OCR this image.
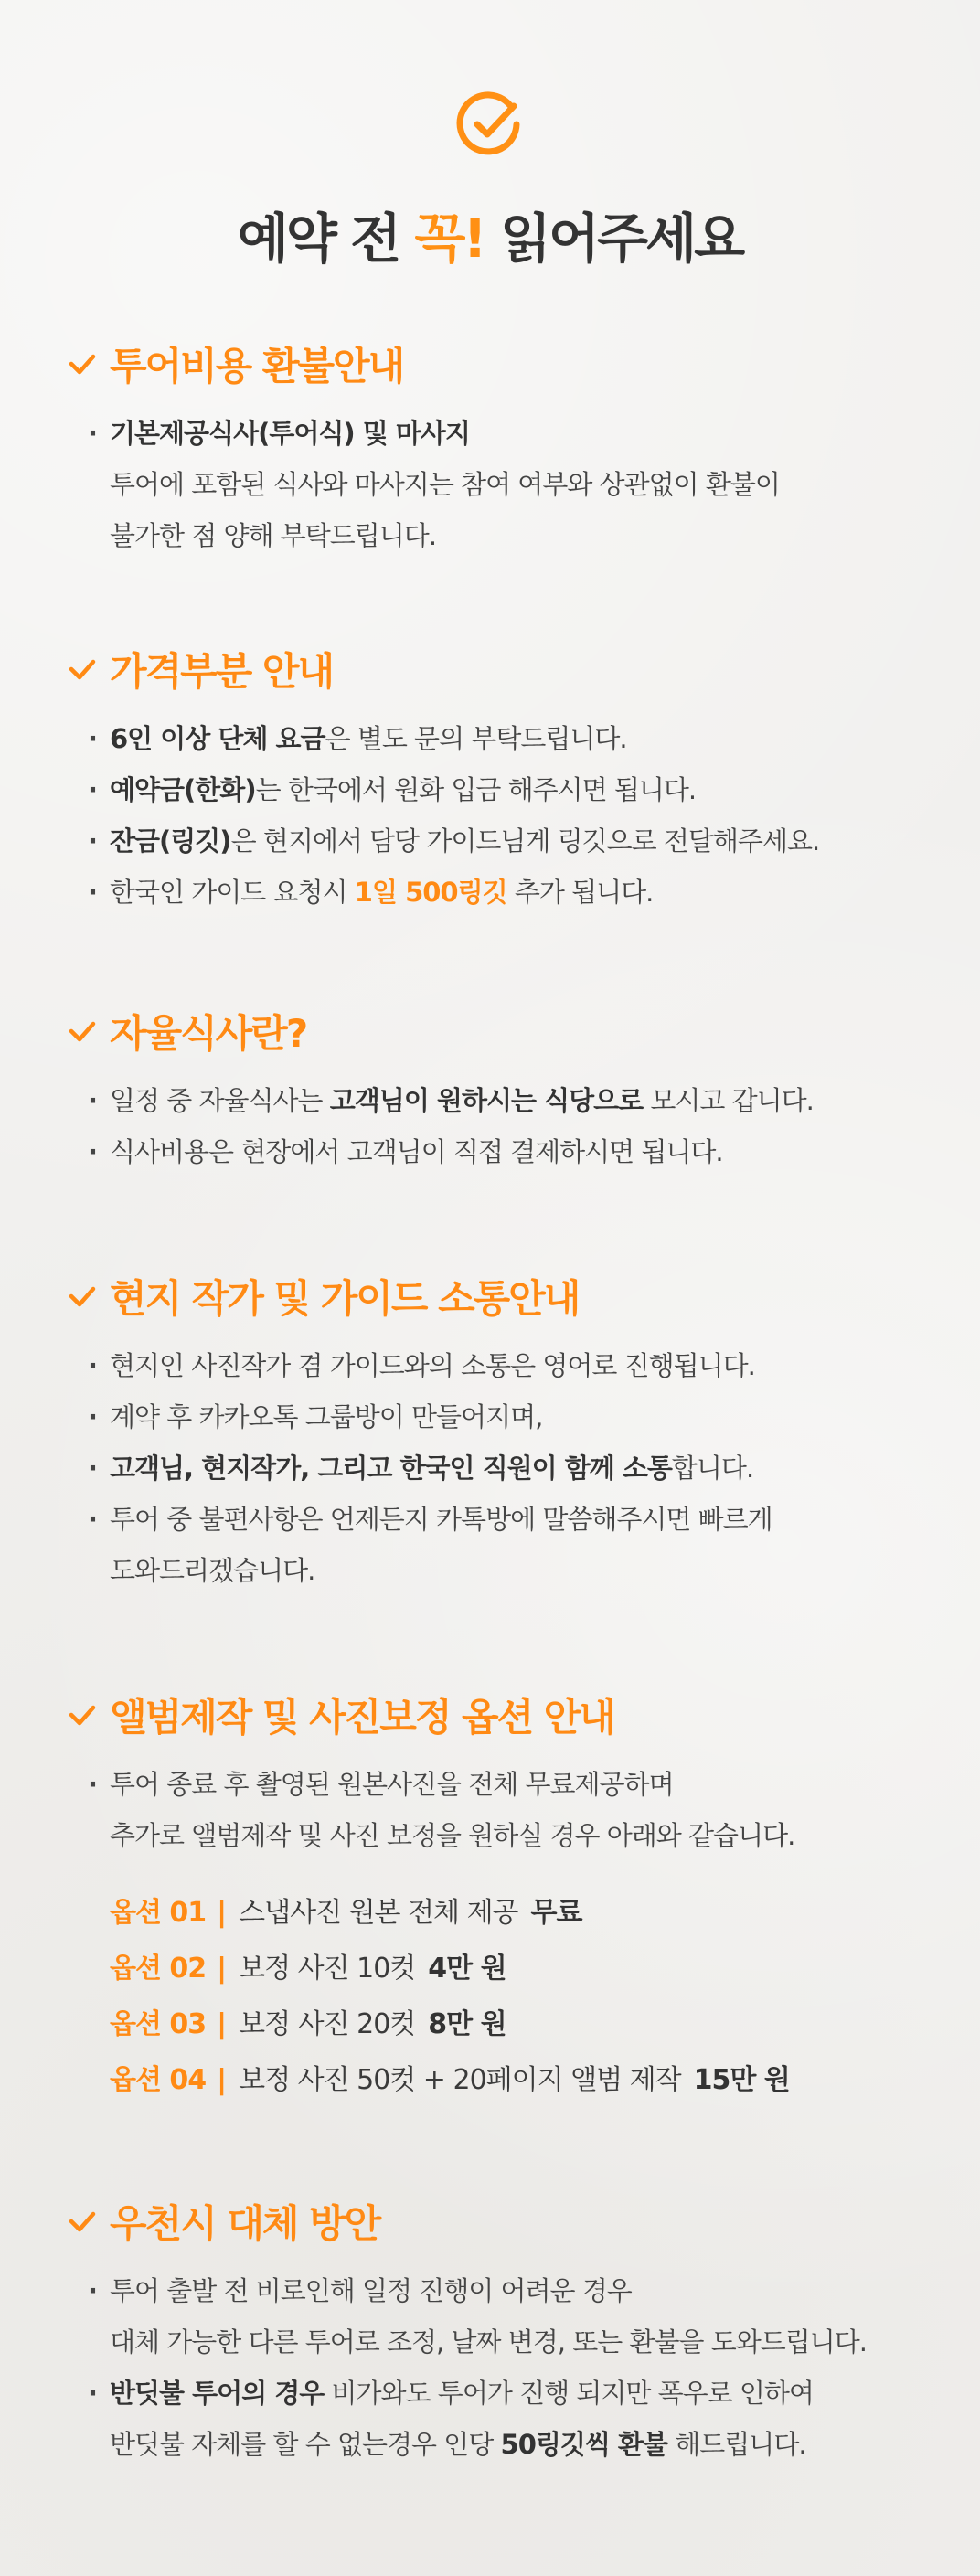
예약 전 꼭! 읽어주세요
투어비용 환불안내
· 기본제공식사(투어식) 및 마사지
투어에 포함된 식사와 마사지는 참여 여부와 상관없이 환불이
불가한 점 양해 부탁드립니다.
가격부분 안내
· 6인 이상 단체 요금은 별도 문의 부탁드립니다.
· 예약금(한화)는 한국에서 원화 입금 해주시면 됩니다.
· 잔금(링깃)은 현지에서 담당 가이드님게 링깃으로 전달해주세요.
· 한국인 가이드 요청시 1일 500링깃 추가 됩니다.
자율식사란?
· 일정 중 자율식사는 고객님이 원하시는 식당으로 모시고 갑니다.
· 식사비용은 현장에서 고객님이 직접 결제하시면 됩니다.
현지 작가 및 가이드 소통안내
· 현지인 사진작가 겸 가이드와의 소통은 영어로 진행됩니다.
· 계약 후 카카오톡 그룹방이 만들어지며,
· 고객님, 현지작가, 그리고 한국인 직원이 함께 소통합니다.
· 투어 중 불편사항은 언제든지 카톡방에 말씀해주시면 빠르게
도와드리겠습니다.
앨범제작 및 사진보정 옵션 안내
· 투어 종료 후 촬영된 원본사진을 전체 무료제공하며
추가로 앨범제작 및 사진 보정을 원하실 경우 아래와 같습니다.
옵션 01 | 스냅사진 원본 전체 제공 무료
옵션 02 | 보정 사진 10컷 4만 원
옵션 03 | 보정 사진 20컷 8만 원
옵션 04 | 보정 사진 50컷 + 20페이지 앨범 제작 15만 원
우천시 대체 방안
· 투어 출발 전 비로인해 일정 진행이 어려운 경우
대체 가능한 다른 투어로 조정, 날짜 변경, 또는 환불을 도와드립니다.
· 반딧불 투어의 경우 비가와도 투어가 진행 되지만 폭우로 인하여
반딧불 자체를 할 수 없는경우 인당 50링깃씩 환불 해드립니다.
